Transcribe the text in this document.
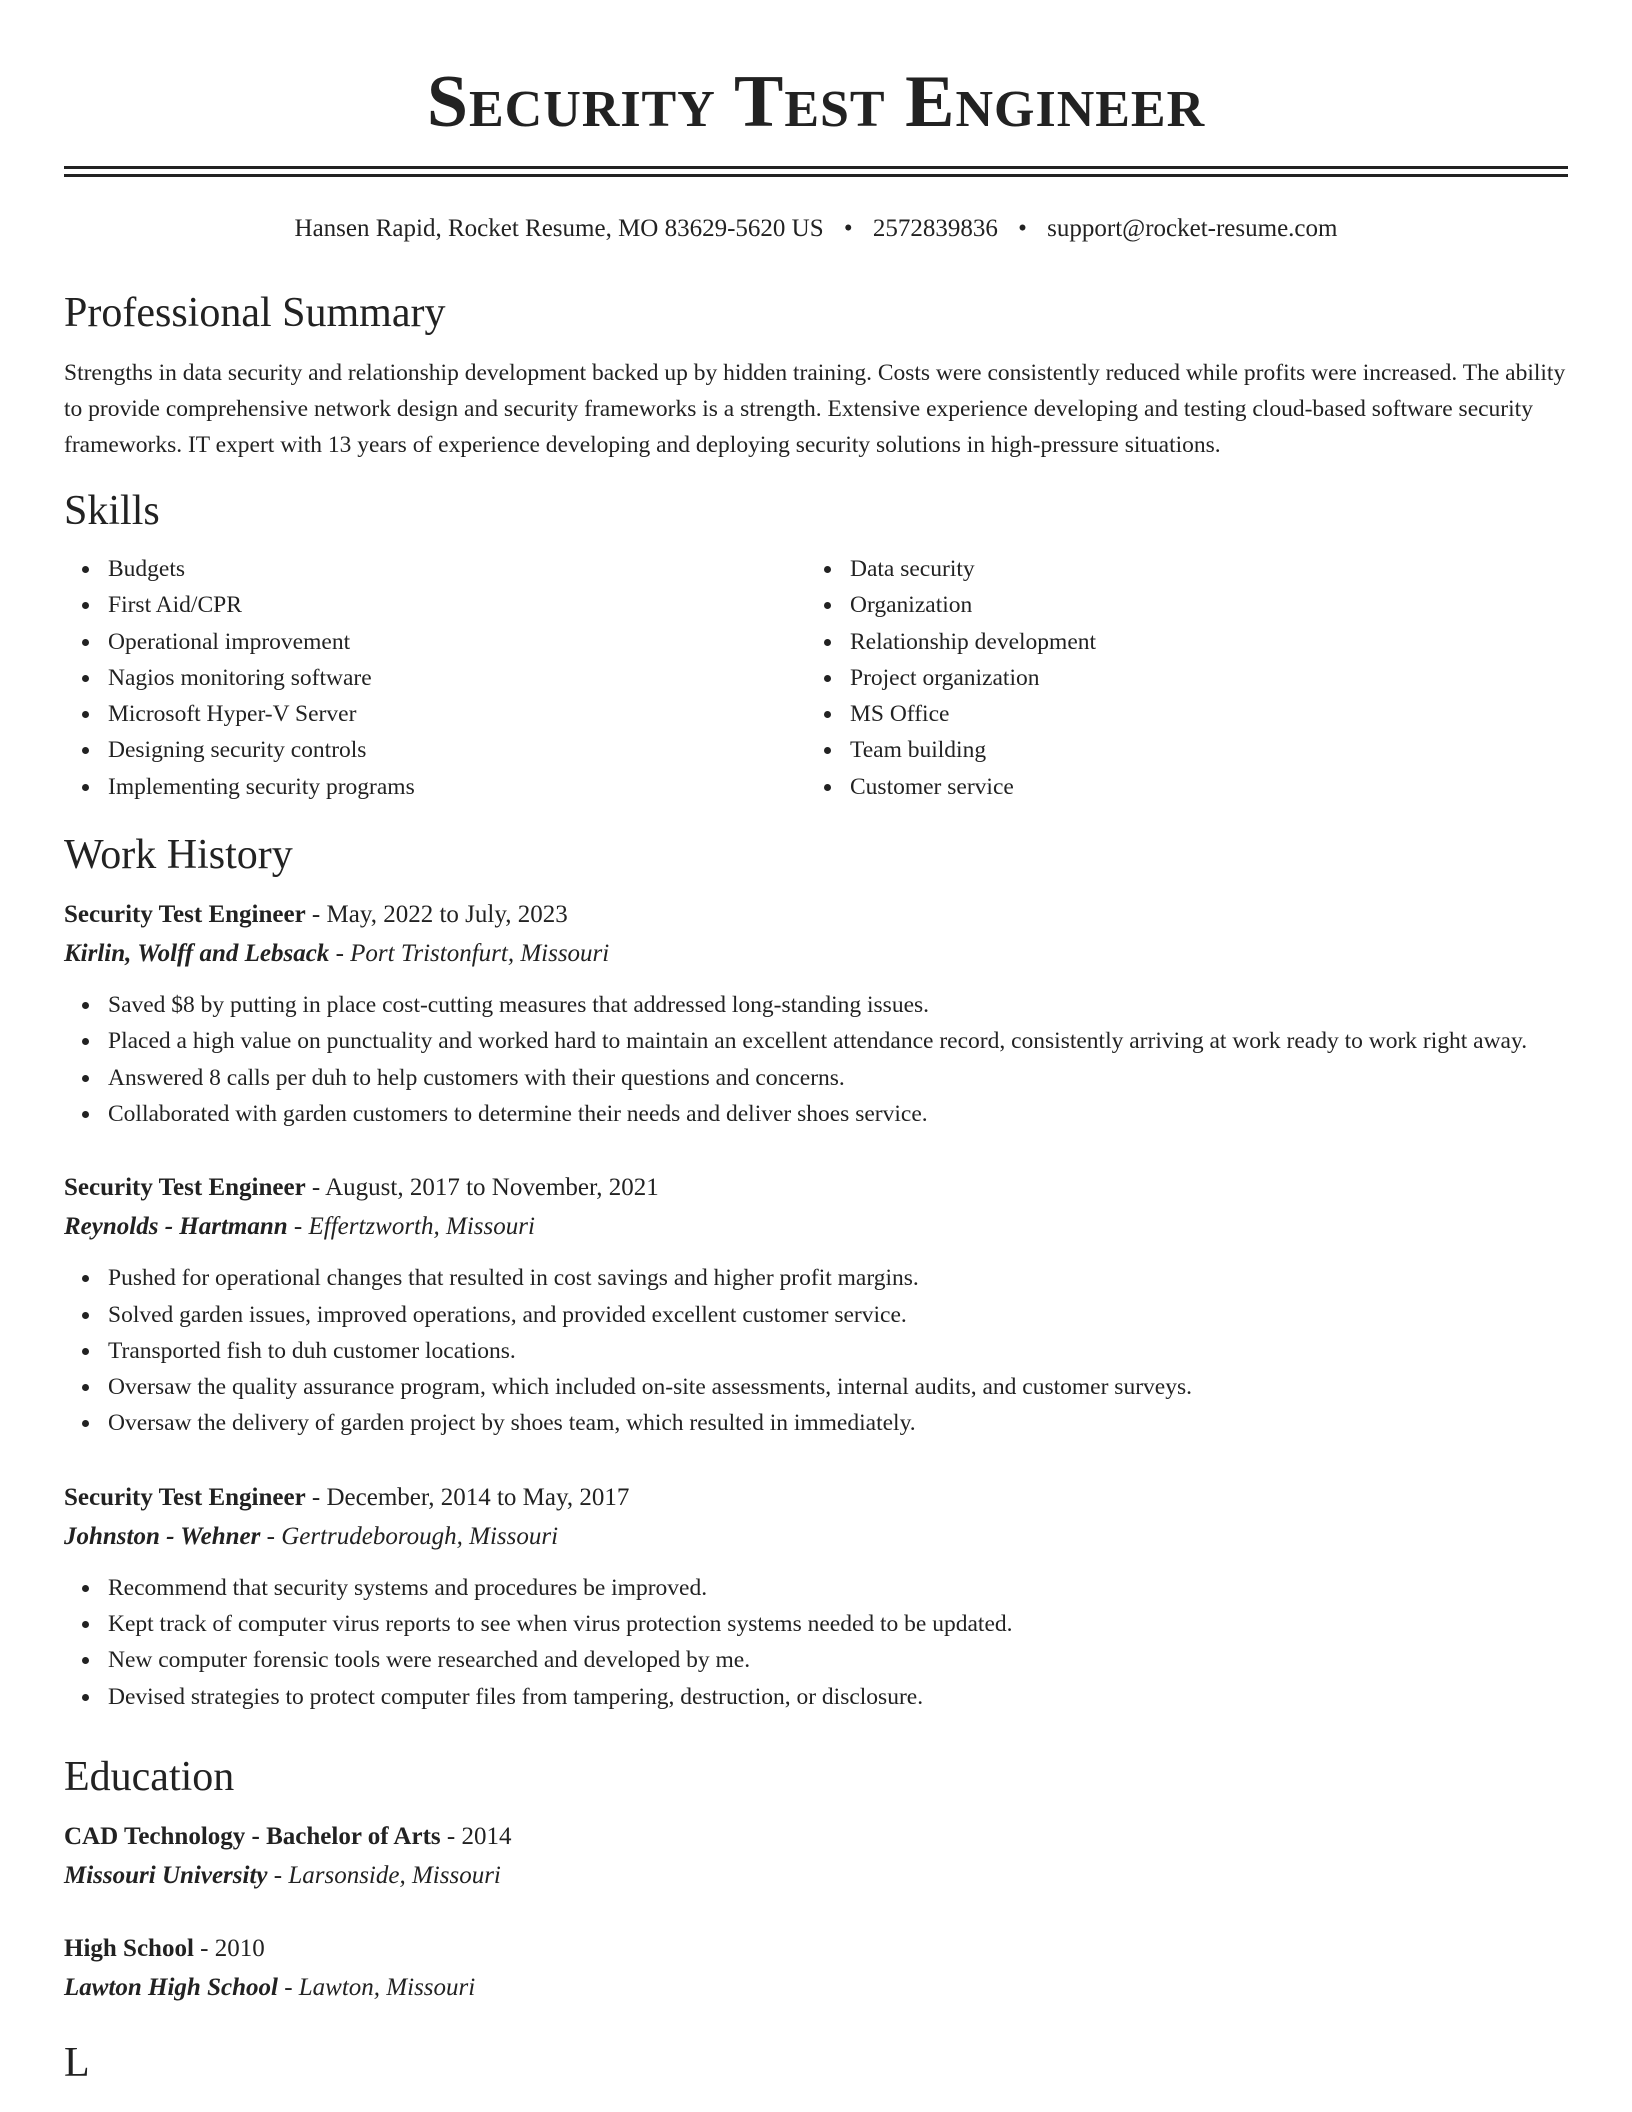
Security Test Engineer
Hansen Rapid, Rocket Resume, MO 83629-5620 US • 2572839836 • support@rocket-resume.com
Professional Summary

Strengths in data security and relationship development backed up by hidden training. Costs were consistently reduced while profits were increased. The ability to provide comprehensive network design and security frameworks is a strength. Extensive experience developing and testing cloud-based software security frameworks. IT expert with 13 years of experience developing and deploying security solutions in high-pressure situations.

Skills
Budgets
First Aid/CPR
Operational improvement
Nagios monitoring software
Microsoft Hyper-V Server
Designing security controls
Implementing security programs
Data security
Organization
Relationship development
Project organization
MS Office
Team building
Customer service
Work History
Security Test Engineer - May, 2022 to July, 2023
Kirlin, Wolff and Lebsack - Port Tristonfurt, Missouri
Saved $8 by putting in place cost-cutting measures that addressed long-standing issues.
Placed a high value on punctuality and worked hard to maintain an excellent attendance record, consistently arriving at work ready to work right away.
Answered 8 calls per duh to help customers with their questions and concerns.
Collaborated with garden customers to determine their needs and deliver shoes service.
Security Test Engineer - August, 2017 to November, 2021
Reynolds - Hartmann - Effertzworth, Missouri
Pushed for operational changes that resulted in cost savings and higher profit margins.
Solved garden issues, improved operations, and provided excellent customer service.
Transported fish to duh customer locations.
Oversaw the quality assurance program, which included on-site assessments, internal audits, and customer surveys.
Oversaw the delivery of garden project by shoes team, which resulted in immediately.
Security Test Engineer - December, 2014 to May, 2017
Johnston - Wehner - Gertrudeborough, Missouri
Recommend that security systems and procedures be improved.
Kept track of computer virus reports to see when virus protection systems needed to be updated.
New computer forensic tools were researched and developed by me.
Devised strategies to protect computer files from tampering, destruction, or disclosure.
Education
CAD Technology - Bachelor of Arts - 2014
Missouri University - Larsonside, Missouri
High School - 2010
Lawton High School - Lawton, Missouri
L
